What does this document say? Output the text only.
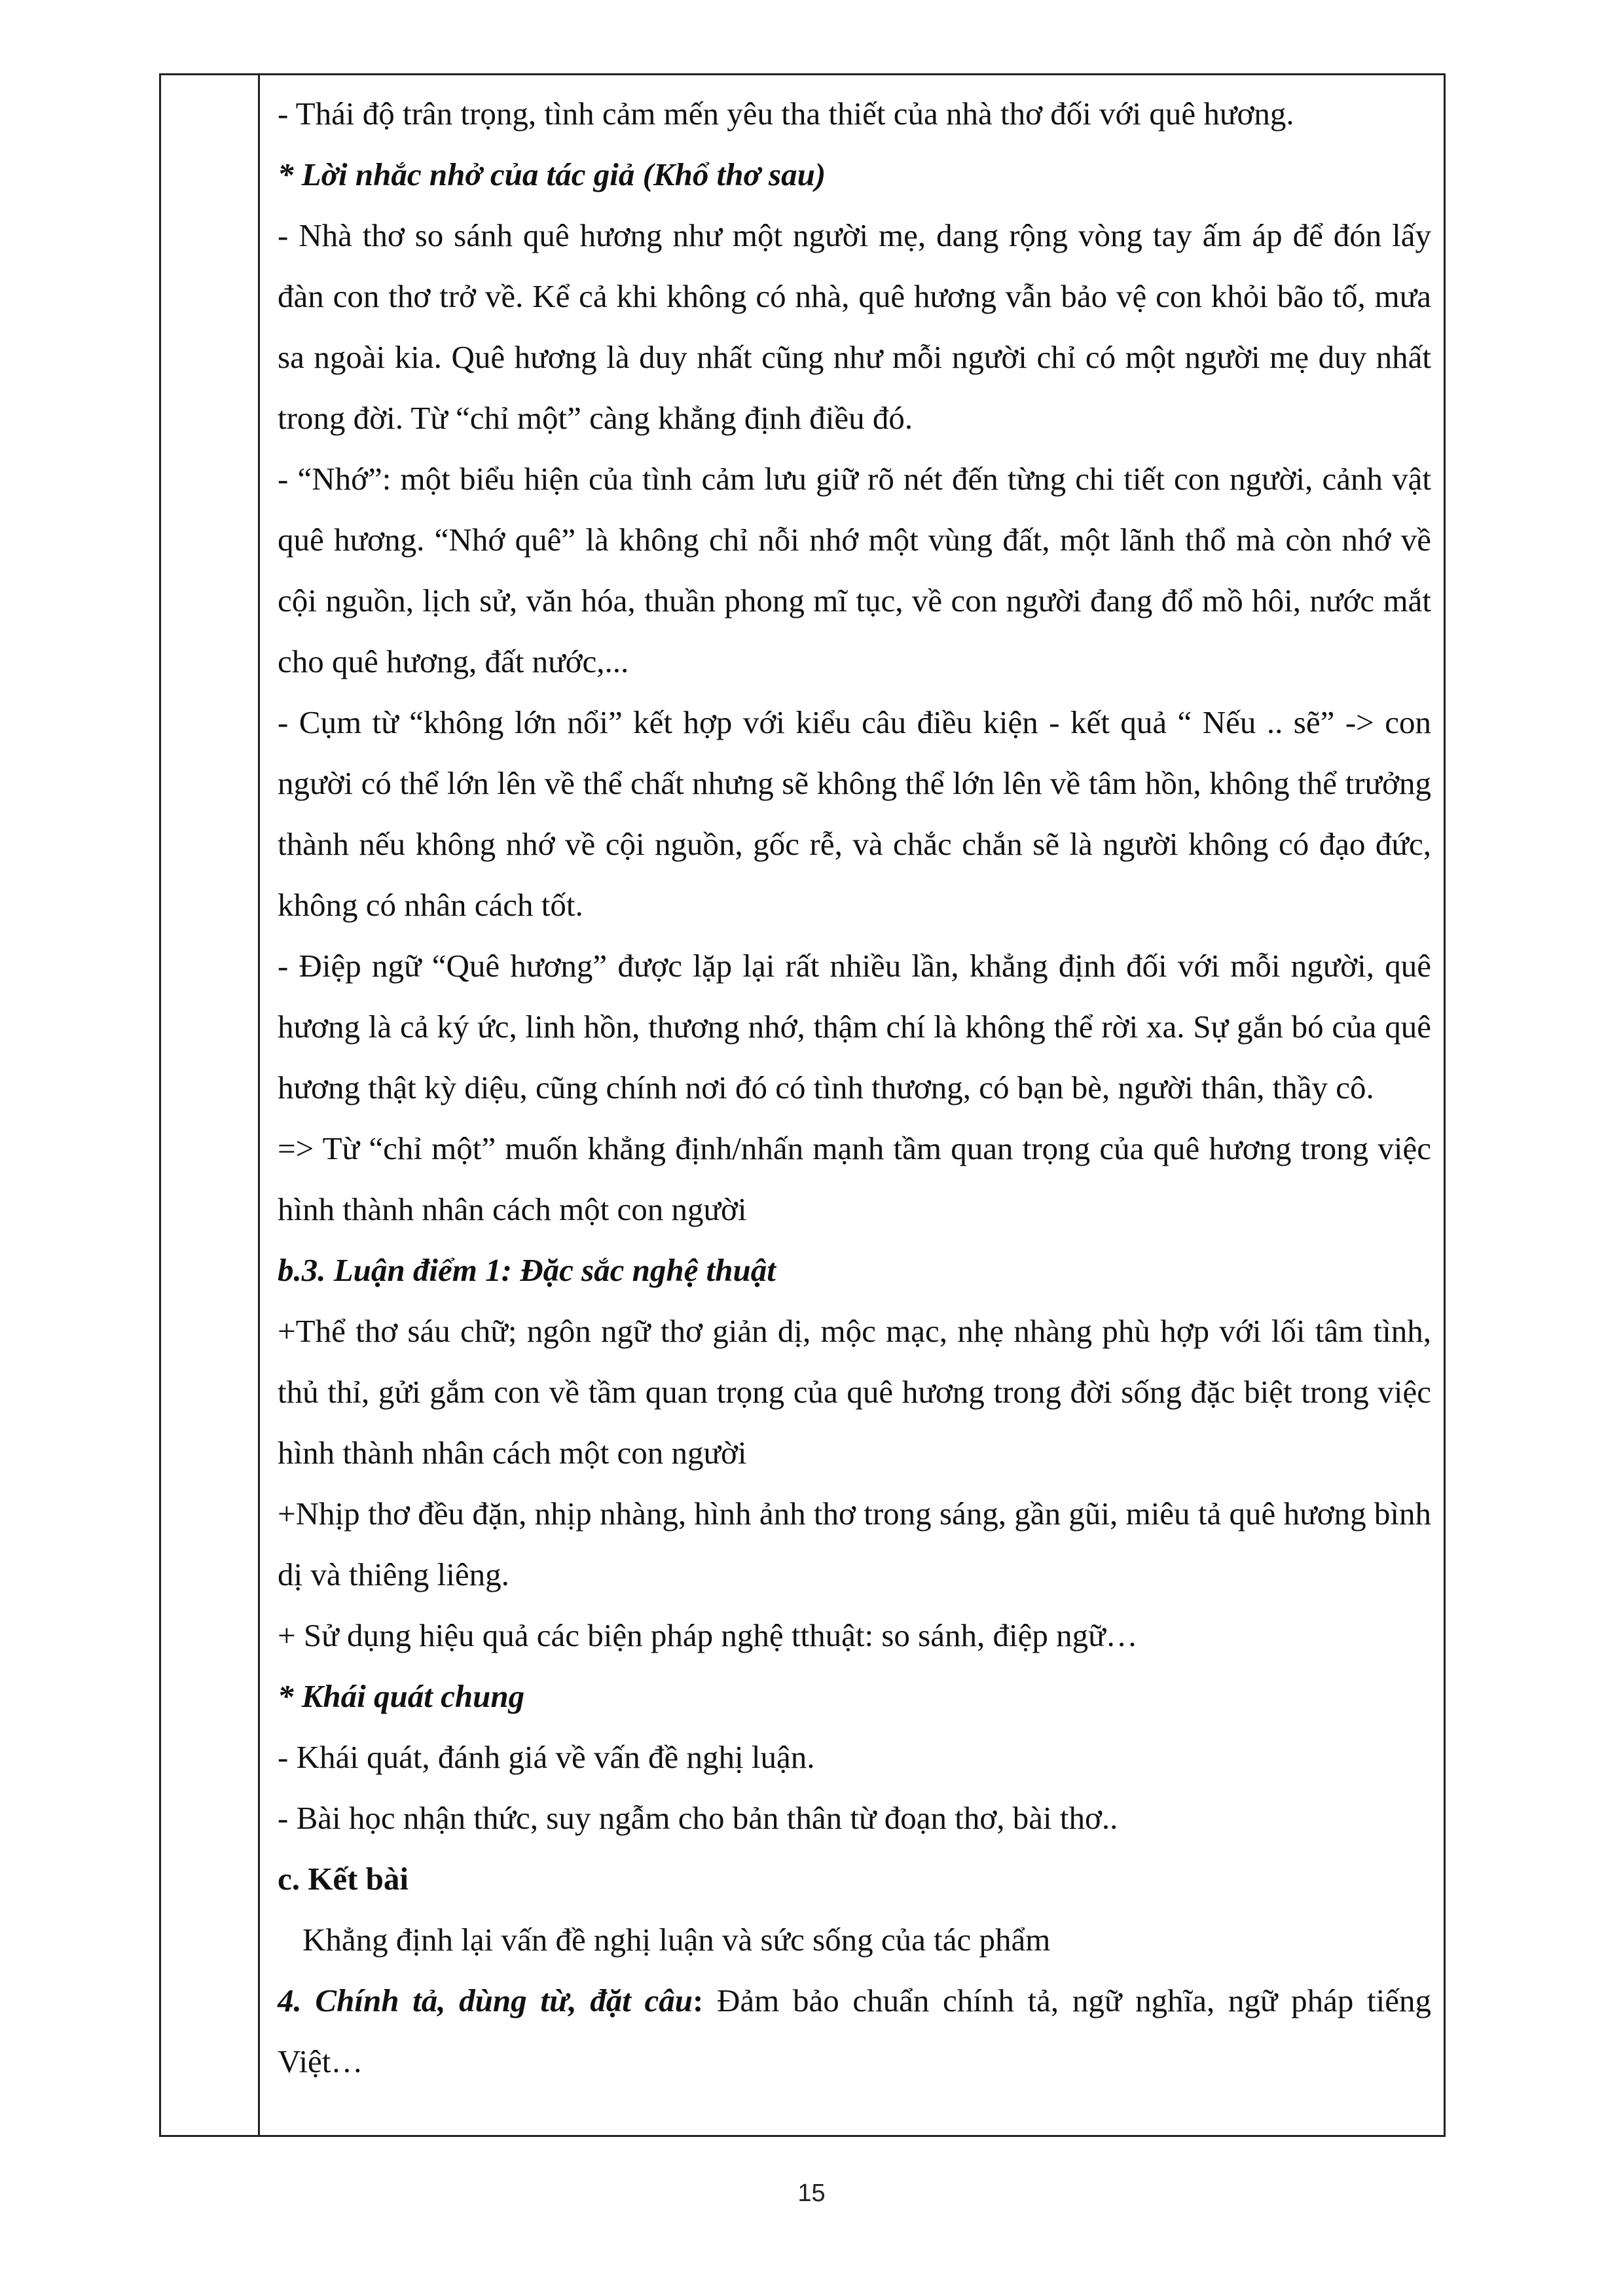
- Thái độ trân trọng, tình cảm mến yêu tha thiết của nhà thơ đối với quê hương.

* Lời nhắc nhở của tác giả (Khổ thơ sau)

- Nhà thơ so sánh quê hương như một người mẹ, dang rộng vòng tay ấm áp để đón lấy đàn con thơ trở về. Kể cả khi không có nhà, quê hương vẫn bảo vệ con khỏi bão tố, mưa sa ngoài kia. Quê hương là duy nhất cũng như mỗi người chỉ có một người mẹ duy nhất trong đời. Từ “chỉ một” càng khẳng định điều đó.

- “Nhớ”: một biểu hiện của tình cảm lưu giữ rõ nét đến từng chi tiết con người, cảnh vật quê hương. “Nhớ quê” là không chỉ nỗi nhớ một vùng đất, một lãnh thổ mà còn nhớ về cội nguồn, lịch sử, văn hóa, thuần phong mĩ tục, về con người đang đổ mồ hôi, nước mắt cho quê hương, đất nước,...

- Cụm từ “không lớn nổi” kết hợp với kiểu câu điều kiện - kết quả “ Nếu .. sẽ” -> con người có thể lớn lên về thể chất nhưng sẽ không thể lớn lên về tâm hồn, không thể trưởng thành nếu không nhớ về cội nguồn, gốc rễ, và chắc chắn sẽ là người không có đạo đức, không có nhân cách tốt.

- Điệp ngữ “Quê hương” được lặp lại rất nhiều lần, khẳng định đối với mỗi người, quê hương là cả ký ức, linh hồn, thương nhớ, thậm chí là không thể rời xa. Sự gắn bó của quê hương thật kỳ diệu, cũng chính nơi đó có tình thương, có bạn bè, người thân, thầy cô.

=> Từ “chỉ một” muốn khẳng định/nhấn mạnh tầm quan trọng của quê hương trong việc hình thành nhân cách một con người

b.3. Luận điểm 1: Đặc sắc nghệ thuật

+Thể thơ sáu chữ; ngôn ngữ thơ giản dị, mộc mạc, nhẹ nhàng phù hợp với lối tâm tình, thủ thỉ, gửi gắm con về tầm quan trọng của quê hương trong đời sống đặc biệt trong việc hình thành nhân cách một con người

+Nhịp thơ đều đặn, nhịp nhàng, hình ảnh thơ trong sáng, gần gũi, miêu tả quê hương bình dị và thiêng liêng.

+ Sử dụng hiệu quả các biện pháp nghệ tthuật: so sánh, điệp ngữ…

* Khái quát chung

- Khái quát, đánh giá về vấn đề nghị luận.

- Bài học nhận thức, suy ngẫm cho bản thân từ đoạn thơ, bài thơ..

c. Kết bài

Khẳng định lại vấn đề nghị luận và sức sống của tác phẩm

4. Chính tả, dùng từ, đặt câu: Đảm bảo chuẩn chính tả, ngữ nghĩa, ngữ pháp tiếng Việt…

15
